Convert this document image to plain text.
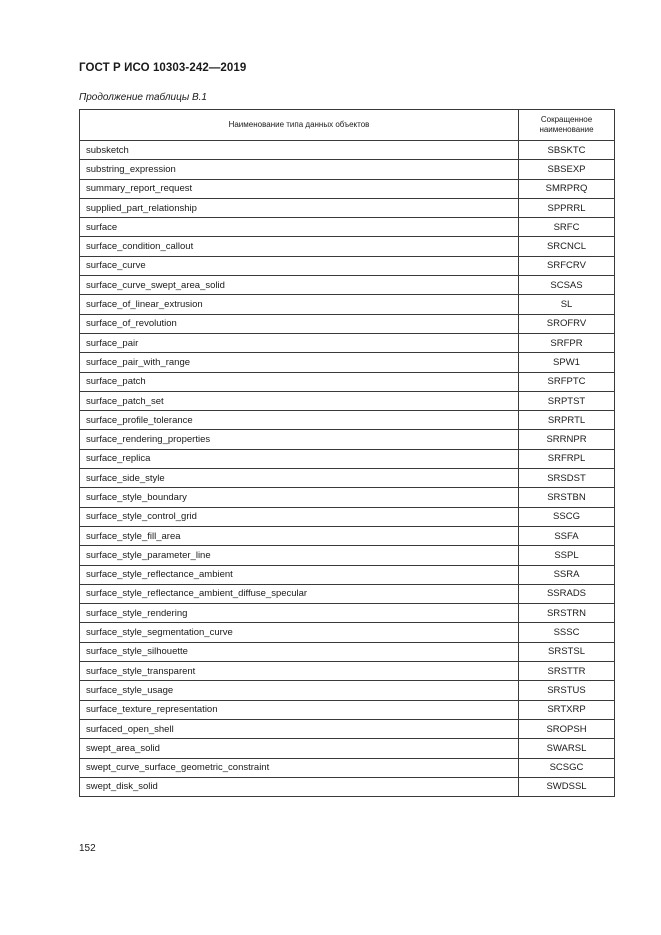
ГОСТ Р ИСО 10303-242—2019
Продолжение таблицы В.1
Наименование типа данных объектов	Сокращенное наименование
subsketch	SBSKTC
substring_expression	SBSEXP
summary_report_request	SMRPRQ
supplied_part_relationship	SPPRRL
surface	SRFC
surface_condition_callout	SRCNCL
surface_curve	SRFCRV
surface_curve_swept_area_solid	SCSAS
surface_of_linear_extrusion	SL
surface_of_revolution	SROFRV
surface_pair	SRFPR
surface_pair_with_range	SPW1
surface_patch	SRFPTC
surface_patch_set	SRPTST
surface_profile_tolerance	SRPRTL
surface_rendering_properties	SRRNPR
surface_replica	SRFRPL
surface_side_style	SRSDST
surface_style_boundary	SRSTBN
surface_style_control_grid	SSCG
surface_style_fill_area	SSFA
surface_style_parameter_line	SSPL
surface_style_reflectance_ambient	SSRA
surface_style_reflectance_ambient_diffuse_specular	SSRADS
surface_style_rendering	SRSTRN
surface_style_segmentation_curve	SSSC
surface_style_silhouette	SRSTSL
surface_style_transparent	SRSTTR
surface_style_usage	SRSTUS
surface_texture_representation	SRTXRP
surfaced_open_shell	SROPSH
swept_area_solid	SWARSL
swept_curve_surface_geometric_constraint	SCSGC
swept_disk_solid	SWDSSL
152
